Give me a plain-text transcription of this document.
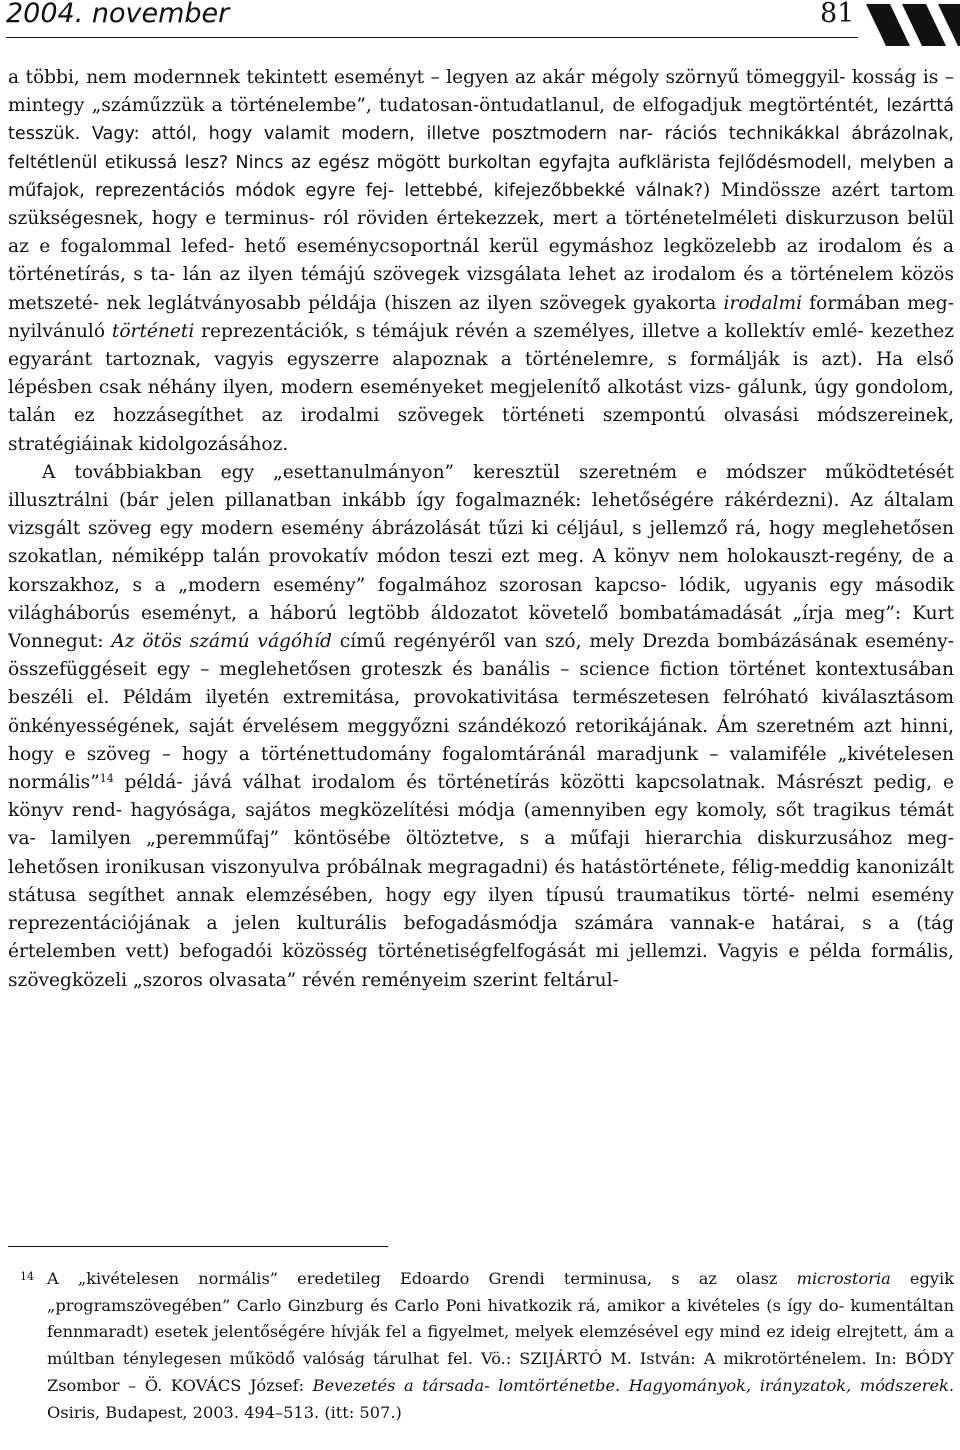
2004. november	81

a többi, nem modernnek tekintett eseményt – legyen az akár mégoly szörnyű tömeggyil- kosság is – mintegy „száműzzük a történelembe”, tudatosan-öntudatlanul, de elfogadjuk megtörténtét, lezárttá tesszük. Vagy: attól, hogy valamit modern, illetve posztmodern nar- rációs technikákkal ábrázolnak, feltétlenül etikussá lesz? Nincs az egész mögött burkoltan egyfajta aufklärista fejlődésmodell, melyben a műfajok, reprezentációs módok egyre fej- lettebbé, kifejezőbbekké válnak?) Mindössze azért tartom szükségesnek, hogy e terminus- ról röviden értekezzek, mert a történetelméleti diskurzuson belül az e fogalommal lefed- hető eseménycsoportnál kerül egymáshoz legközelebb az irodalom és a történetírás, s ta- lán az ilyen témájú szövegek vizsgálata lehet az irodalom és a történelem közös metszeté- nek leglátványosabb példája (hiszen az ilyen szövegek gyakorta irodalmi formában meg- nyilvánuló történeti reprezentációk, s témájuk révén a személyes, illetve a kollektív emlé- kezethez egyaránt tartoznak, vagyis egyszerre alapoznak a történelemre, s formálják is azt). Ha első lépésben csak néhány ilyen, modern eseményeket megjelenítő alkotást vizs- gálunk, úgy gondolom, talán ez hozzásegíthet az irodalmi szövegek történeti szempontú olvasási módszereinek, stratégiáinak kidolgozásához.

A továbbiakban egy „esettanulmányon” keresztül szeretném e módszer működtetését illusztrálni (bár jelen pillanatban inkább így fogalmaznék: lehetőségére rákérdezni). Az általam vizsgált szöveg egy modern esemény ábrázolását tűzi ki céljául, s jellemző rá, hogy meglehetősen szokatlan, némiképp talán provokatív módon teszi ezt meg. A könyv nem holokauszt-regény, de a korszakhoz, s a „modern esemény” fogalmához szorosan kapcso- lódik, ugyanis egy második világháborús eseményt, a háború legtöbb áldozatot követelő bombatámadását „írja meg”: Kurt Vonnegut: Az ötös számú vágóhíd című regényéről van szó, mely Drezda bombázásának esemény-összefüggéseit egy – meglehetősen groteszk és banális – science fiction történet kontextusában beszéli el. Példám ilyetén extremitása, provokativitása természetesen felróható kiválasztásom önkényességének, saját érvelésem meggyőzni szándékozó retorikájának. Ám szeretném azt hinni, hogy e szöveg – hogy a történettudomány fogalomtáránál maradjunk – valamiféle „kivételesen normális”$^{14}$ példá- jává válhat irodalom és történetírás közötti kapcsolatnak. Másrészt pedig, e könyv rend- hagyósága, sajátos megközelítési módja (amennyiben egy komoly, sőt tragikus témát va- lamilyen „peremműfaj” köntösébe öltöztetve, s a műfaji hierarchia diskurzusához meg- lehetősen ironikusan viszonyulva próbálnak megragadni) és hatástörténete, félig-meddig kanonizált státusa segíthet annak elemzésében, hogy egy ilyen típusú traumatikus törté- nelmi esemény reprezentációjának a jelen kulturális befogadásmódja számára vannak-e határai, s a (tág értelemben vett) befogadói közösség történetiségfelfogását mi jellemzi. Vagyis e példa formális, szövegközeli „szoros olvasata” révén reményeim szerint feltárul-

14 A „kivételesen normális” eredetileg Edoardo Grendi terminusa, s az olasz microstoria egyik „programszövegében” Carlo Ginzburg és Carlo Poni hivatkozik rá, amikor a kivételes (s így do- kumentáltan fennmaradt) esetek jelentőségére hívják fel a figyelmet, melyek elemzésével egy mind ez ideig elrejtett, ám a múltban ténylegesen működő valóság tárulhat fel. Vö.: SZIJÁRTÓ M. István: A mikrotörténelem. In: BÓDY Zsombor – Ö. KOVÁCS József: Bevezetés a társada- lomtörténetbe. Hagyományok, irányzatok, módszerek. Osiris, Budapest, 2003. 494–513. (itt: 507.)
